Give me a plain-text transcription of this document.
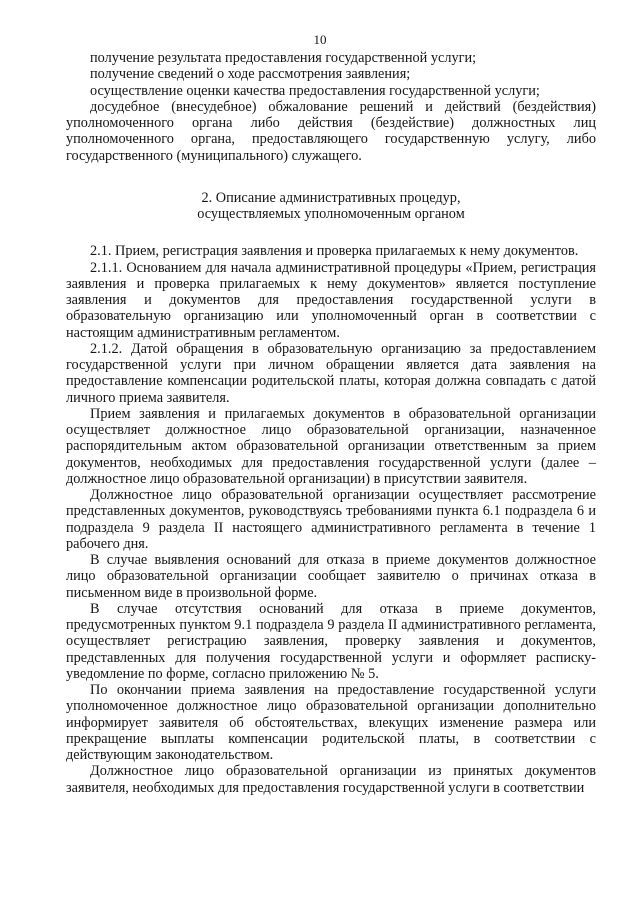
10

получение результата предоставления государственной услуги;

получение сведений о ходе рассмотрения заявления;

осуществление оценки качества предоставления государственной услуги;

досудебное (внесудебное) обжалование решений и действий (бездействия) уполномоченного органа либо действия (бездействие) должностных лиц уполномоченного органа, предоставляющего государственную услугу, либо государственного (муниципального) служащего.

2. Описание административных процедур,
осуществляемых уполномоченным органом

2.1. Прием, регистрация заявления и проверка прилагаемых к нему документов.

2.1.1. Основанием для начала административной процедуры «Прием, регистрация заявления и проверка прилагаемых к нему документов» является поступление заявления и документов для предоставления государственной услуги в образовательную организацию или уполномоченный орган в соответствии с настоящим административным регламентом.

2.1.2. Датой обращения в образовательную организацию за предоставлением государственной услуги при личном обращении является дата заявления на предоставление компенсации родительской платы, которая должна совпадать с датой личного приема заявителя.

Прием заявления и прилагаемых документов в образовательной организации осуществляет должностное лицо образовательной организации, назначенное распорядительным актом образовательной организации ответственным за прием документов, необходимых для предоставления государственной услуги (далее – должностное лицо образовательной организации) в присутствии заявителя.

Должностное лицо образовательной организации осуществляет рассмотрение представленных документов, руководствуясь требованиями пункта 6.1 подраздела 6 и подраздела 9 раздела II настоящего административного регламента в течение 1 рабочего дня.

В случае выявления оснований для отказа в приеме документов должностное лицо образовательной организации сообщает заявителю о причинах отказа в письменном виде в произвольной форме.

В случае отсутствия оснований для отказа в приеме документов, предусмотренных пунктом 9.1 подраздела 9 раздела II административного регламента, осуществляет регистрацию заявления, проверку заявления и документов, представленных для получения государственной услуги и оформляет расписку-уведомление по форме, согласно приложению № 5.

По окончании приема заявления на предоставление государственной услуги уполномоченное должностное лицо образовательной организации дополнительно информирует заявителя об обстоятельствах, влекущих изменение размера или прекращение выплаты компенсации родительской платы, в соответствии с действующим законодательством.

Должностное лицо образовательной организации из принятых документов заявителя, необходимых для предоставления государственной услуги в соответствии
